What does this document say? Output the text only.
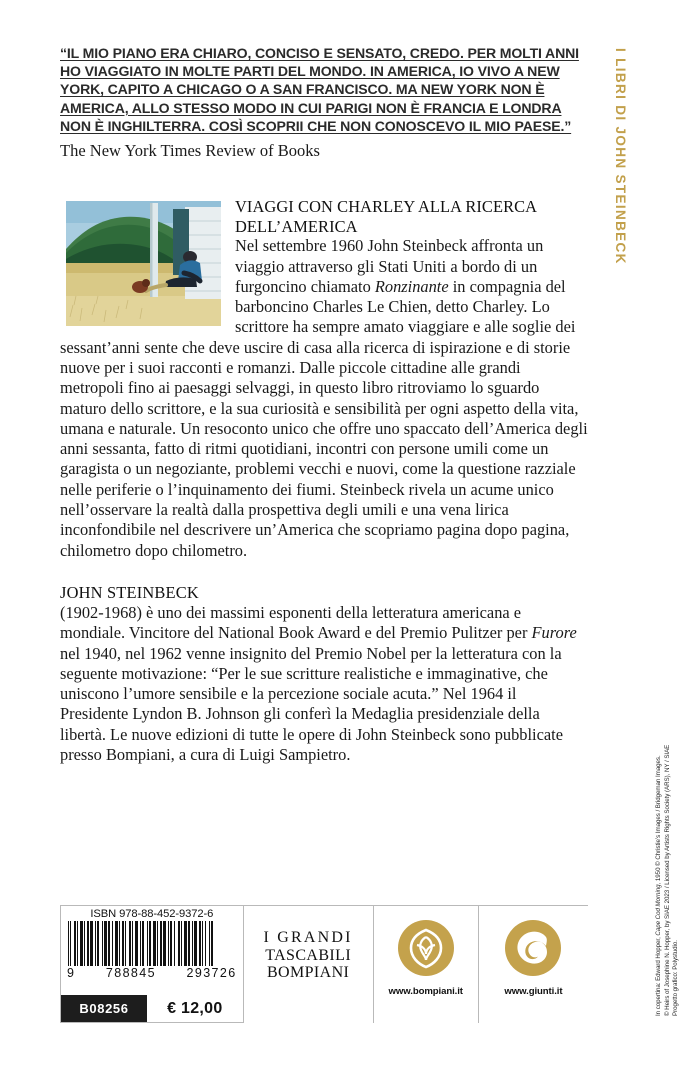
“IL MIO PIANO ERA CHIARO, CONCISO E SENSATO, CREDO. PER MOLTI ANNI HO VIAGGIATO IN MOLTE PARTI DEL MONDO. IN AMERICA, IO VIVO A NEW YORK, CAPITO A CHICAGO O A SAN FRANCISCO. MA NEW YORK NON È AMERICA, ALLO STESSO MODO IN CUI PARIGI NON È FRANCIA E LONDRA NON È INGHILTERRA. COSÌ SCOPRII CHE NON CONOSCEVO IL MIO PAESE.”
The New York Times Review of Books
VIAGGI CON CHARLEY ALLA RICERCA DELL’AMERICA
Nel settembre 1960 John Steinbeck affronta un viaggio attraverso gli Stati Uniti a bordo di un furgoncino chiamato Ronzinante in compagnia del barboncino Charles Le Chien, detto Charley. Lo scrittore ha sempre amato viaggiare e alle soglie dei sessant’anni sente che deve uscire di casa alla ricerca di ispirazione e di storie nuove per i suoi racconti e romanzi. Dalle piccole cittadine alle grandi metropoli fino ai paesaggi selvaggi, in questo libro ritroviamo lo sguardo maturo dello scrittore, e la sua curiosità e sensibilità per ogni aspetto della vita, umana e naturale. Un resoconto unico che offre uno spaccato dell’America degli anni sessanta, fatto di ritmi quotidiani, incontri con persone umili come un garagista o un negoziante, problemi vecchi e nuovi, come la questione razziale nelle periferie o l’inquinamento dei fiumi. Steinbeck rivela un acume unico nell’osservare la realtà dalla prospettiva degli umili e una vena lirica inconfondibile nel descrivere un’America che scopriamo pagina dopo pagina, chilometro dopo chilometro.
JOHN STEINBECK
(1902-1968) è uno dei massimi esponenti della letteratura americana e mondiale. Vincitore del National Book Award e del Premio Pulitzer per Furore nel 1940, nel 1962 venne insignito del Premio Nobel per la letteratura con la seguente motivazione: “Per le sue scritture realistiche e immaginative, che uniscono l’umore sensibile e la percezione sociale acuta.” Nel 1964 il Presidente Lyndon B. Johnson gli conferì la Medaglia presidenziale della libertà. Le nuove edizioni di tutte le opere di John Steinbeck sono pubblicate presso Bompiani, a cura di Luigi Sampietro.
ISBN 978-88-452-9372-6
9 788845 293726
B08256	€ 12,00
I GRANDI
TASCABILI
BOMPIANI
www.bompiani.it	www.giunti.it
I LIBRI DI JOHN STEINBECK
In copertina: Edward Hopper, Cape Cod Morning, 1950 © Christie’s Images / Bridgeman Images. © Heirs of Josephine N. Hopper, by SIAE 2023 / Licensed by Artists Rights Society (ARS), NY / SIAE Progetto grafico: Polystudio.
